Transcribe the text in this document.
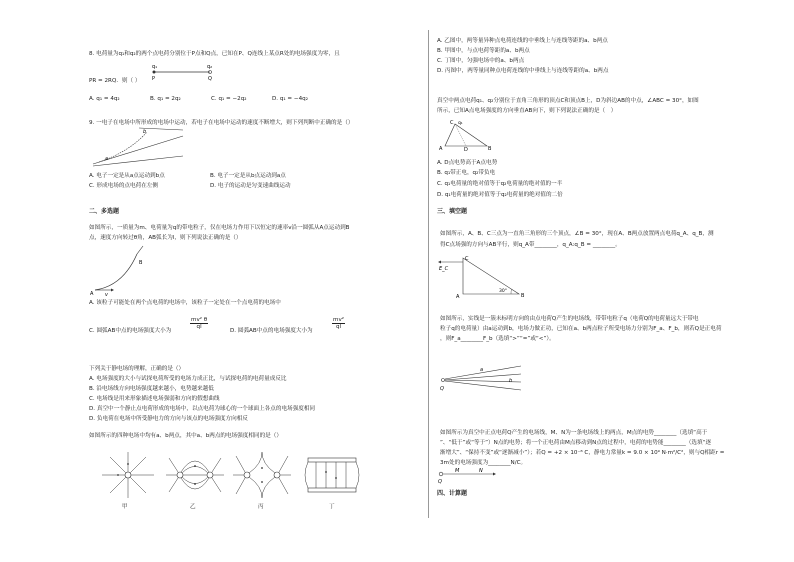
8. 电荷量为q₁和q₂的两个点电荷分别位于P点和Q点，已知在P、Q连线上某点R处的电场强度为零，且
PR = 2RQ．则（ ）
q₁	q₂
P	Q
A. q₁ = 4q₂	B. q₁ = 2q₂	C. q₁ = −2q₂	D. q₁ = −4q₂
9. 一电子在电场中所形成的电场中运动，若电子在电场中运动的速度不断增大，则下列判断中正确的是（）
a
b
A. 电子一定是从a点运动到b点	B. 电子一定是从b点运动到a点
C. 形成电场的点电荷在左侧	D. 电子的运动是匀变速曲线运动
二、多选题
如图所示，一质量为m、电荷量为q的带电粒子，仅在电场力作用下以恒定的速率v沿一圆弧从A点运动到B
点，速度方向转过θ角，AB弧长为l，则下列说法正确的是（）
A
B
v
A. 该粒子可能处在两个点电荷的电场中，该粒子一定处在一个点电荷的电场中
C. 圆弧AB中点的电场强度大小为
$\frac{\text{mv² θ}}{ql}$
D. 圆弧AB中点的电场强度大小为
$\frac{\text{mv²}}{ql}$
下列关于静电场的理解，正确的是（）
A. 电场强度的大小与试探电荷所受的电场力成正比，与试探电荷的电荷量成反比
B. 沿电场线方向电场强度越来越小，电势越来越低
C. 电场线是用来形象描述电场强弱和方向的假想曲线
D. 真空中一个静止点电荷形成的电场中，以点电荷为球心的一个球面上各点的电场强度相同
D. 负电荷在电场中所受静电力的方向与该点的电场强度方向相反
如图所示的四种电场中均有a、b两点，其中a、b两点的电场强度相同的是（）
甲	乙	丙	丁
A. 乙图中，两等量异种点电荷连线的中垂线上与连线等距的a、b两点
B. 甲图中，与点电荷等距的a、b两点
C. 丁图中，匀强电场中的a、b两点
D. 丙图中，两等量同种点电荷连线的中垂线上与连线等距的a、b两点
真空中两点电荷q₁、q₂分别位于直角三角形的顶点C和顶点B上，D为斜边AB的中点，∠ABC = 30°，如图
所示，已知A点电场强度的方向垂直AB向下，则下列说法正确的是（　）
C q₁
A	D	B
A. D点电势高于A点电势
B. q₁带正电，q₂带负电
C. q₁电荷量的绝对值等于q₂电荷量的绝对值的一半
D. q₁电荷量的绝对值等于q₂电荷量的绝对值的二倍
三、填空题
如图所示，A、B、C三点为一直角三角形的三个顶点，∠B = 30°，现在A、B两点放置两点电荷q_A、q_B，测
得C点场强的方向与AB平行，则q_A带________，q_A:q_B = ________。
E_C
C
A	B
30°
如图所示，实线是一簇未标明方向的由点电荷Q产生的电场线，带带电粒子q（电荷Q的电荷量远大于带电
粒子q的电荷量）由a运动到b，电场力做正功，已知在a、b两点粒子所受电场力分别为F_a、F_b，则若Q是正电荷
，则F_a________F_b（选填“>”“=”或“<”）。
Q
a
b
如图所示为真空中正点电荷Q产生的电场线，M、N为一条电场线上的两点，M点的电势________（选填“高于
”、“低于”或“等于”）N点的电势；将一个正电荷由M点移动到N点的过程中，电荷的电势能________（选填“逐
渐增大”、“保持不变”或“逐渐减小”）；若Q = +2 × 10⁻⁸ C，静电力常量k = 9.0 × 10⁹ N·m²/C²，则与Q相距r =
3m处的电场强度为________N/C。
Q
M	N
四、计算题
